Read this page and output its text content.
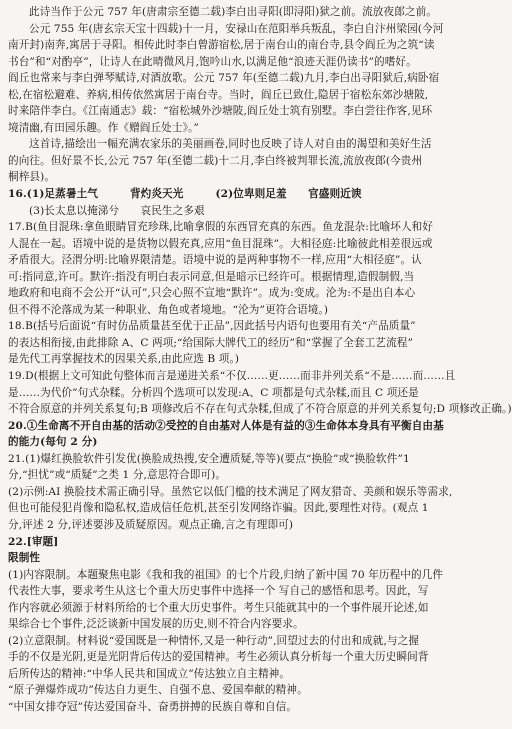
此诗当作于公元 757 年(唐肃宗至德二载)李白出寻阳(即浔阳)狱之前。流放夜郎之前。
公元 755 年(唐玄宗天宝十四载)十一月，安禄山在范阳举兵叛乱，李白自汴州梁园(今河
南开封)南奔,寓居于寻阳。相传此时李白曾游宿松,居于南台山的南台寺,县令阎丘为之筑“读
书台”和“对酌亭”，让诗人在此晴微风月,饱吟山水,以满足他“浪迹天涯仍读书”的嗜好。
阎丘也常来与李白弹琴赋诗,对酒放歌。公元 757 年(至德二载)九月,李白出寻阳狱后,病卧宿
松,在宿松避难、养病,相传依然寓居于南台寺。当时，阎丘已致仕,隐居于宿松东郊沙塘陂,
时来陪伴李白。《江南通志》载：“宿松城外沙塘陂,阎丘处士筑有别墅。李白尝往作客,见环
境清幽,有田园乐趣。作《赠阎丘处士》。”
这首诗,描绘出一幅充满农家乐的美丽画卷,同时也反映了诗人对自由的渴望和美好生活
的向往。但好景不长,公元 757 年(至德二载)十二月,李白终被判罪长流,流放夜郎(今贵州
桐梓县)。
16.(1)足蒸暑土气　　　背灼炎天光　　　(2)位卑则足羞　　官盛则近谀
(3)长太息以掩涕兮　　哀民生之多艰
17.B(鱼目混珠:拿鱼眼睛冒充珍珠,比喻拿假的东西冒充真的东西。鱼龙混杂:比喻坏人和好
人混在一起。语境中说的是货物以假充真,应用“鱼目混珠”。大相径庭:比喻彼此相差很远或
矛盾很大。泾渭分明:比喻界限清楚。语境中说的是两种事物不一样,应用“大相径庭”。认
可:指同意,许可。默许:指没有明白表示同意,但是暗示已经许可。根据情理,造假制假,当
地政府和电商不会公开“认可”,只会心照不宣地“默许”。成为:变成。沦为:不是出自本心
但不得不沦落成为某一种职业、角色或者境地。“沦为”更符合语境。)
18.B(括号后面说“有时仿品质量甚至优于正品”,因此括号内语句也要用有关“产品质量”
的表达相衔接,由此排除 A、C 两项;“给国际大牌代工的经历”和“掌握了全套工艺流程”
是先代工再掌握技术的因果关系,由此应选 B 项。)
19.D(根据上文可知此句整体而言是递进关系“不仅……更……而非并列关系“不是……而……且
是……为代价”句式杂糅。分析四个选项可以发现:A、C 项都是句式杂糅,而且 C 项还是
不符合原意的并列关系复句;B 项修改后不存在句式杂糅,但成了不符合原意的并列关系复句;D 项修改正确。)
20.①生命离不开自由基的活动②受控的自由基对人体是有益的③生命体本身具有平衡自由基
的能力(每句 2 分)
21.(1)爆红换脸软件引发优(换脸成热搜,安全遭质疑,等等)(要点“换脸”或“换脸软件”1
分,“担忧”或“质疑”之类 1 分,意思符合即可)。
(2)示例:AI 换脸技术需正确引导。虽然它以低门槛的技术满足了网友猎奇、美颜和娱乐等需求,
但也可能侵犯肖像和隐私权,造成信任危机,甚至引发网络诈骗。因此,要理性对待。(观点 1
分,评述 2 分,评述要涉及质疑原因。观点正确,言之有理即可)
22.[审题]
限制性
(1)内容限制。本题聚焦电影《我和我的祖国》的七个片段,归纳了新中国 70 年历程中的几件
代表性大事，要求考生从这七个重大历史事件中选择一个 写自己的感悟和思考。因此，写
作内容就必须源于材料所给的七个重大历史事件。考生只能就其中的一个事件展开论述,如
果综合七个事件,泛泛谈新中国发展的历史,则不符合内容要求。
(2)立意限制。材料说“爱国既是一种情怀,又是一种行动”,回望过去的付出和成就,与之握
手的不仅是光阴,更是光阴背后传达的爱国精神。考生必须认真分析每一个重大历史瞬间背
后所传达的精神:“中华人民共和国成立”传达独立自主精神。
“原子弹爆炸成功”传达自力更生、自强不息、爱国奉献的精神。
“中国女排夺冠”传达爱国奋斗、奋勇拼搏的民族自尊和自信。
